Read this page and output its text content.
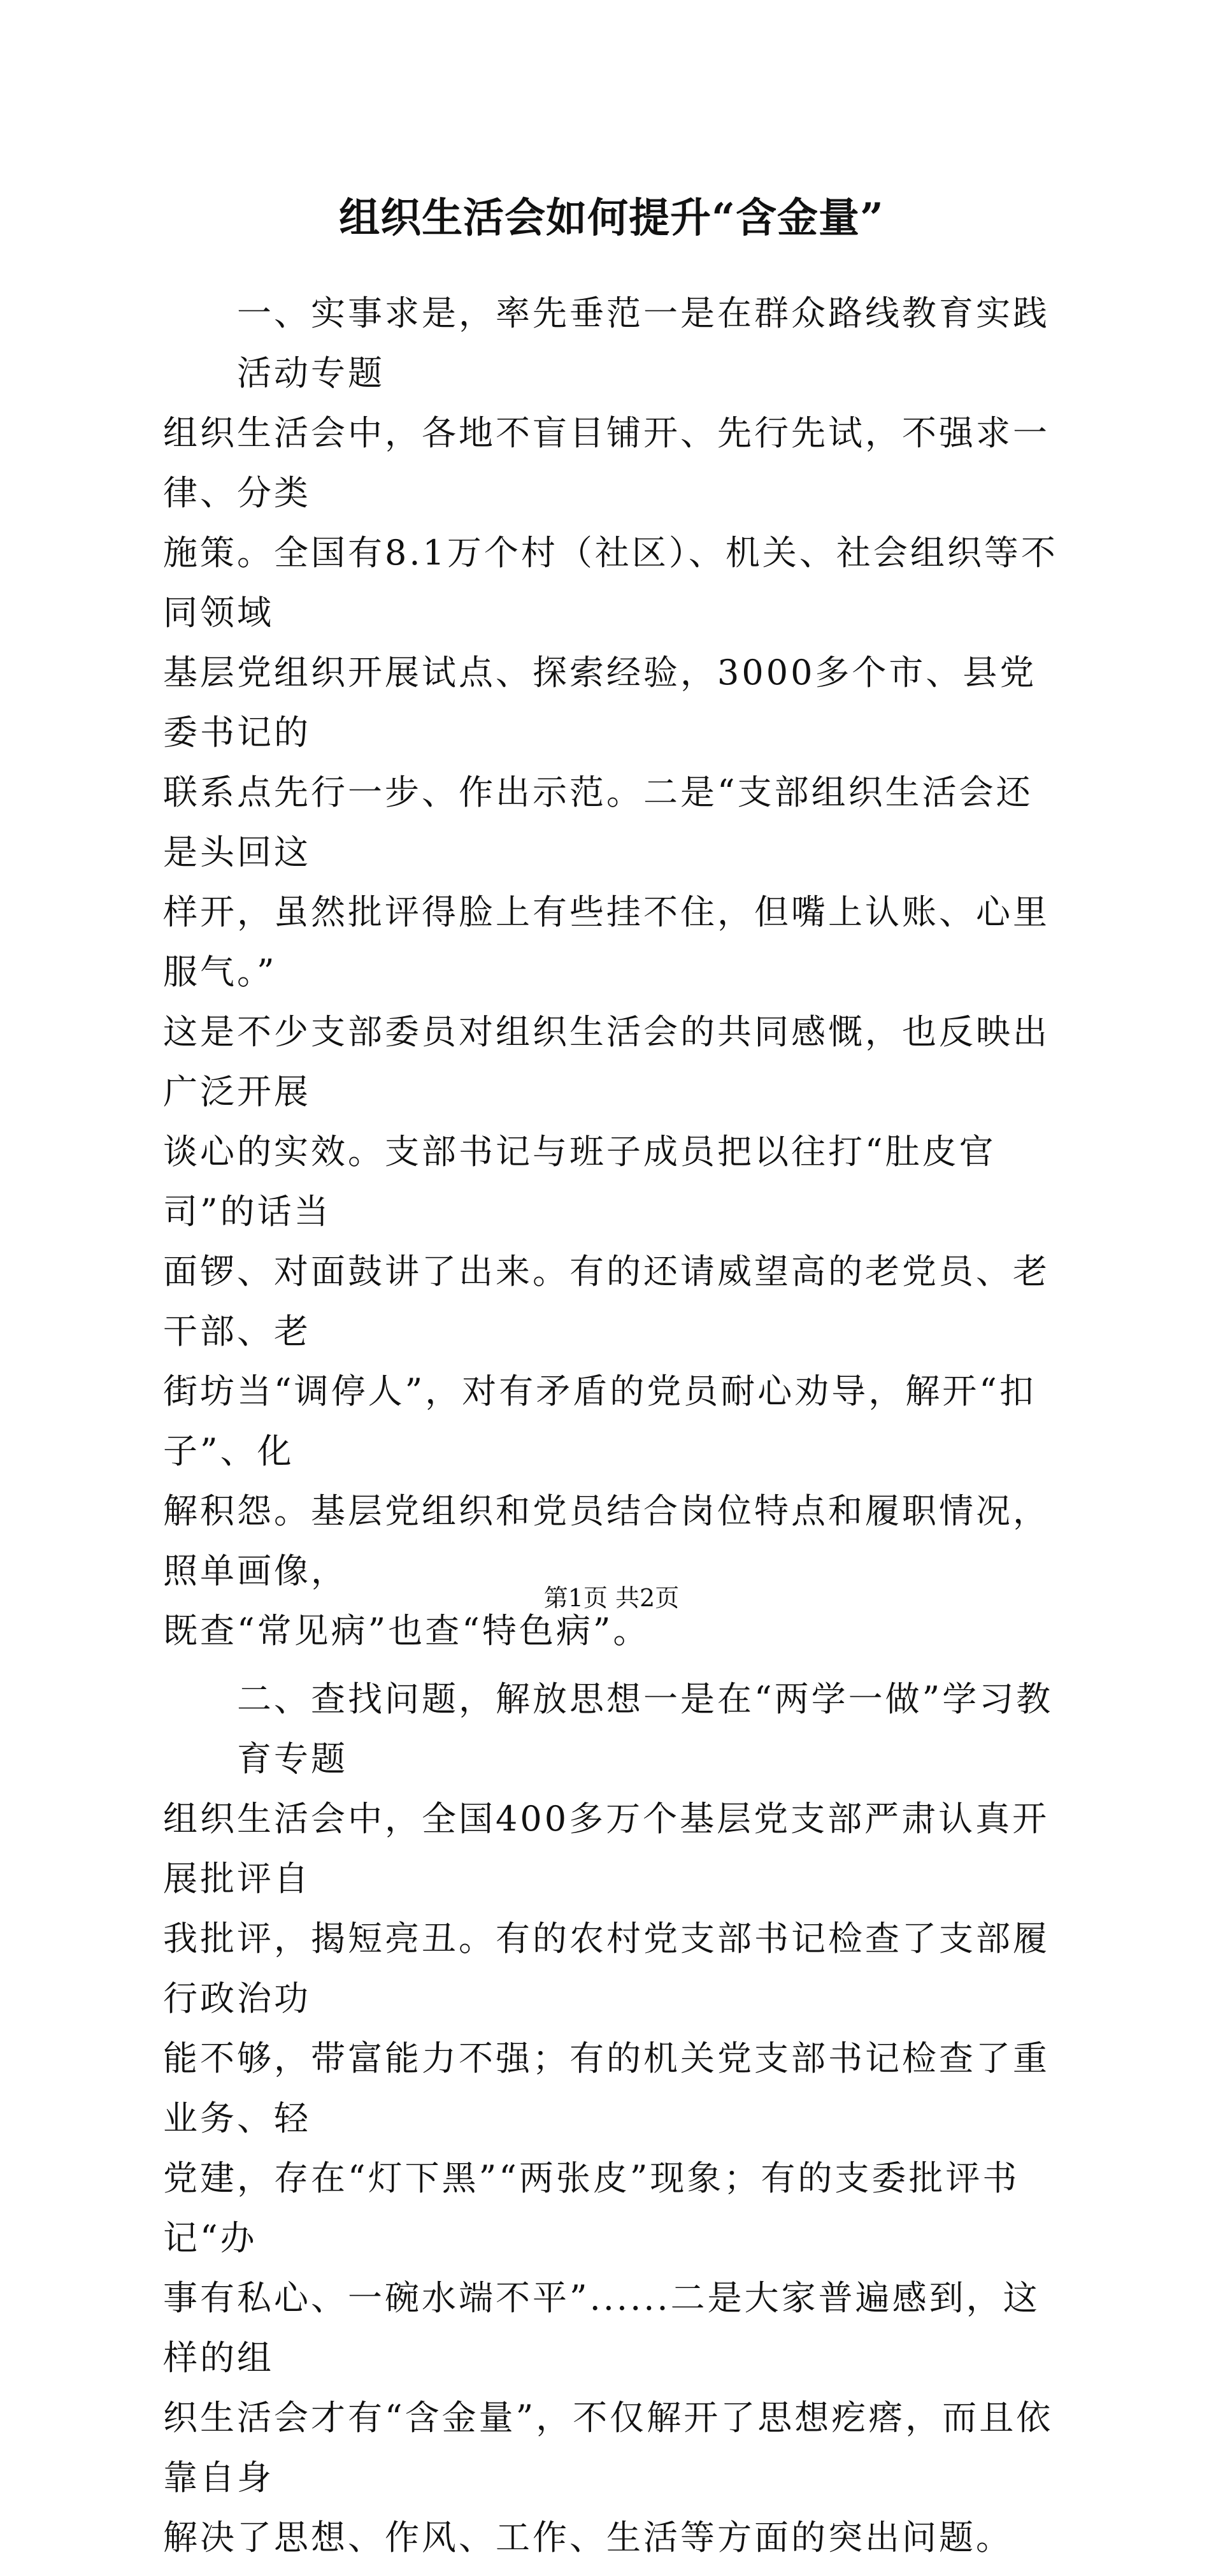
组织生活会如何提升“含金量”
一、实事求是，率先垂范一是在群众路线教育实践活动专题
组织生活会中，各地不盲目铺开、先行先试，不强求一律、分类
施策。全国有8.1万个村（社区）、机关、社会组织等不同领域
基层党组织开展试点、探索经验，3000多个市、县党委书记的
联系点先行一步、作出示范。二是“支部组织生活会还是头回这
样开，虽然批评得脸上有些挂不住，但嘴上认账、心里服气。”
这是不少支部委员对组织生活会的共同感慨，也反映出广泛开展
谈心的实效。支部书记与班子成员把以往打“肚皮官司”的话当
面锣、对面鼓讲了出来。有的还请威望高的老党员、老干部、老
街坊当“调停人”，对有矛盾的党员耐心劝导，解开“扣子”、化
解积怨。基层党组织和党员结合岗位特点和履职情况，照单画像，
既查“常见病”也查“特色病”。
二、查找问题，解放思想一是在“两学一做”学习教育专题
组织生活会中，全国400多万个基层党支部严肃认真开展批评自
我批评，揭短亮丑。有的农村党支部书记检查了支部履行政治功
能不够，带富能力不强；有的机关党支部书记检查了重业务、轻
党建，存在“灯下黑”“两张皮”现象；有的支委批评书记“办
事有私心、一碗水端不平”......二是大家普遍感到，这样的组
织生活会才有“含金量”，不仅解开了思想疙瘩，而且依靠自身
解决了思想、作风、工作、生活等方面的突出问题。
第1页 共2页
